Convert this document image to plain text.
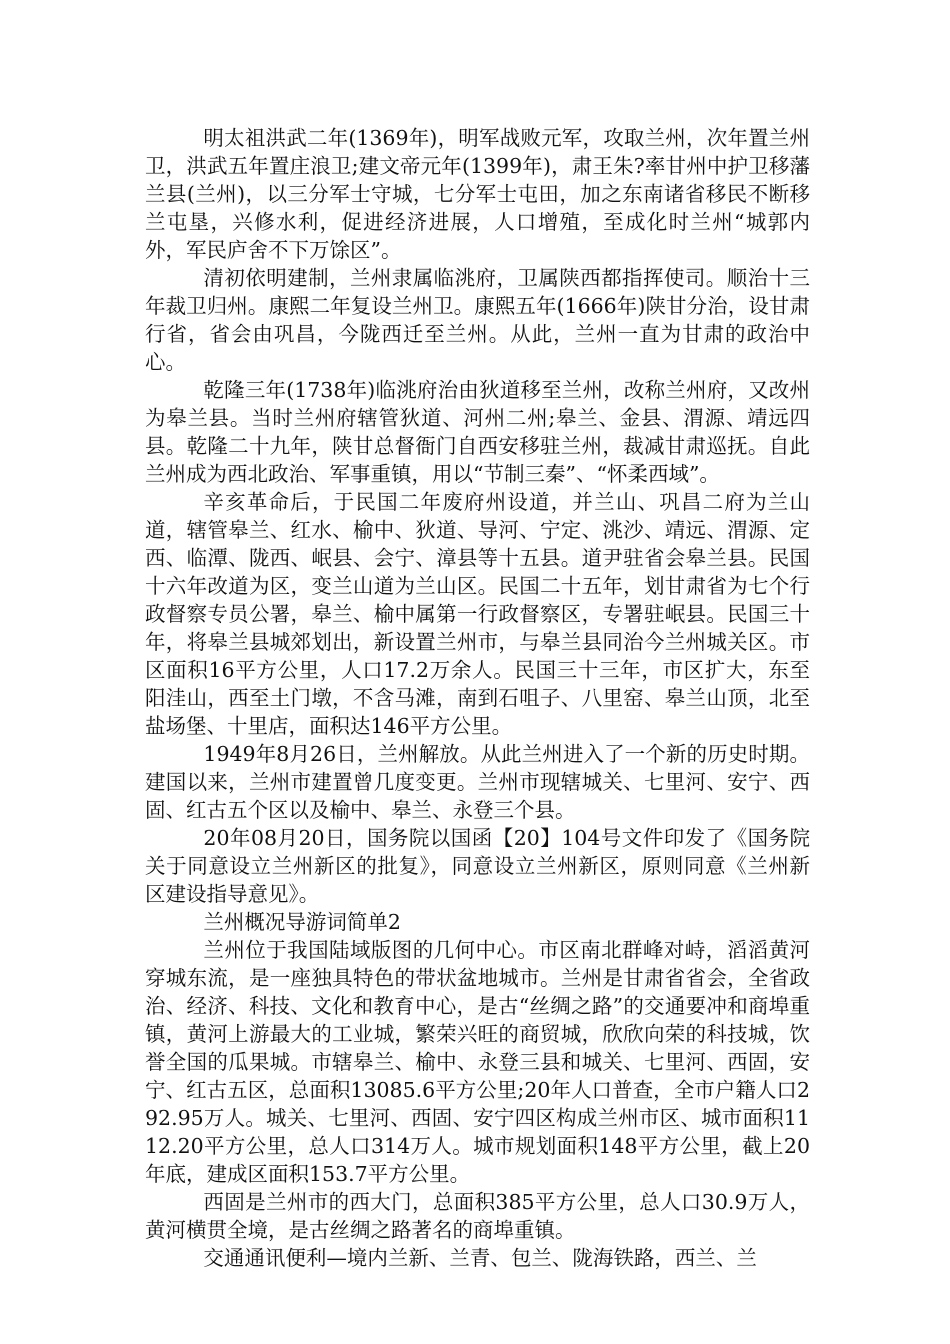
明太祖洪武二年(1369年)，明军战败元军，攻取兰州，次年置兰州卫，洪武五年置庄浪卫;建文帝元年(1399年)，肃王朱?率甘州中护卫移藩兰县(兰州)，以三分军士守城，七分军士屯田，加之东南诸省移民不断移兰屯垦，兴修水利，促进经济进展，人口增殖，至成化时兰州“城郭内外，军民庐舍不下万馀区”。

清初依明建制，兰州隶属临洮府，卫属陕西都指挥使司。顺治十三年裁卫归州。康熙二年复设兰州卫。康熙五年(1666年)陕甘分治，设甘肃行省，省会由巩昌，今陇西迁至兰州。从此，兰州一直为甘肃的政治中心。

乾隆三年(1738年)临洮府治由狄道移至兰州，改称兰州府，又改州为皋兰县。当时兰州府辖管狄道、河州二州;皋兰、金县、渭源、靖远四县。乾隆二十九年，陕甘总督衙门自西安移驻兰州，裁减甘肃巡抚。自此兰州成为西北政治、军事重镇，用以“节制三秦”、“怀柔西域”。

辛亥革命后，于民国二年废府州设道，并兰山、巩昌二府为兰山道，辖管皋兰、红水、榆中、狄道、导河、宁定、洮沙、靖远、渭源、定西、临潭、陇西、岷县、会宁、漳县等十五县。道尹驻省会皋兰县。民国十六年改道为区，变兰山道为兰山区。民国二十五年，划甘肃省为七个行政督察专员公署，皋兰、榆中属第一行政督察区，专署驻岷县。民国三十年，将皋兰县城郊划出，新设置兰州市，与皋兰县同治今兰州城关区。市区面积16平方公里，人口17.2万余人。民国三十三年，市区扩大，东至阳洼山，西至土门墩，不含马滩，南到石咀子、八里窑、皋兰山顶，北至盐场堡、十里店，面积达146平方公里。

1949年8月26日，兰州解放。从此兰州进入了一个新的历史时期。建国以来，兰州市建置曾几度变更。兰州市现辖城关、七里河、安宁、西固、红古五个区以及榆中、皋兰、永登三个县。

20年08月20日，国务院以国函【20】104号文件印发了《国务院关于同意设立兰州新区的批复》，同意设立兰州新区，原则同意《兰州新区建设指导意见》。

兰州概况导游词简单2

兰州位于我国陆域版图的几何中心。市区南北群峰对峙，滔滔黄河穿城东流，是一座独具特色的带状盆地城市。兰州是甘肃省省会，全省政治、经济、科技、文化和教育中心，是古“丝绸之路”的交通要冲和商埠重镇，黄河上游最大的工业城，繁荣兴旺的商贸城，欣欣向荣的科技城，饮誉全国的瓜果城。市辖皋兰、榆中、永登三县和城关、七里河、西固，安宁、红古五区，总面积13085.6平方公里;20年人口普查，全市户籍人口292.95万人。城关、七里河、西固、安宁四区构成兰州市区、城市面积1112.20平方公里，总人口314万人。城市规划面积148平方公里，截上20年底，建成区面积153.7平方公里。

西固是兰州市的西大门，总面积385平方公里，总人口30.9万人，黄河横贯全境，是古丝绸之路著名的商埠重镇。

交通通讯便利—境内兰新、兰青、包兰、陇海铁路，西兰、兰
